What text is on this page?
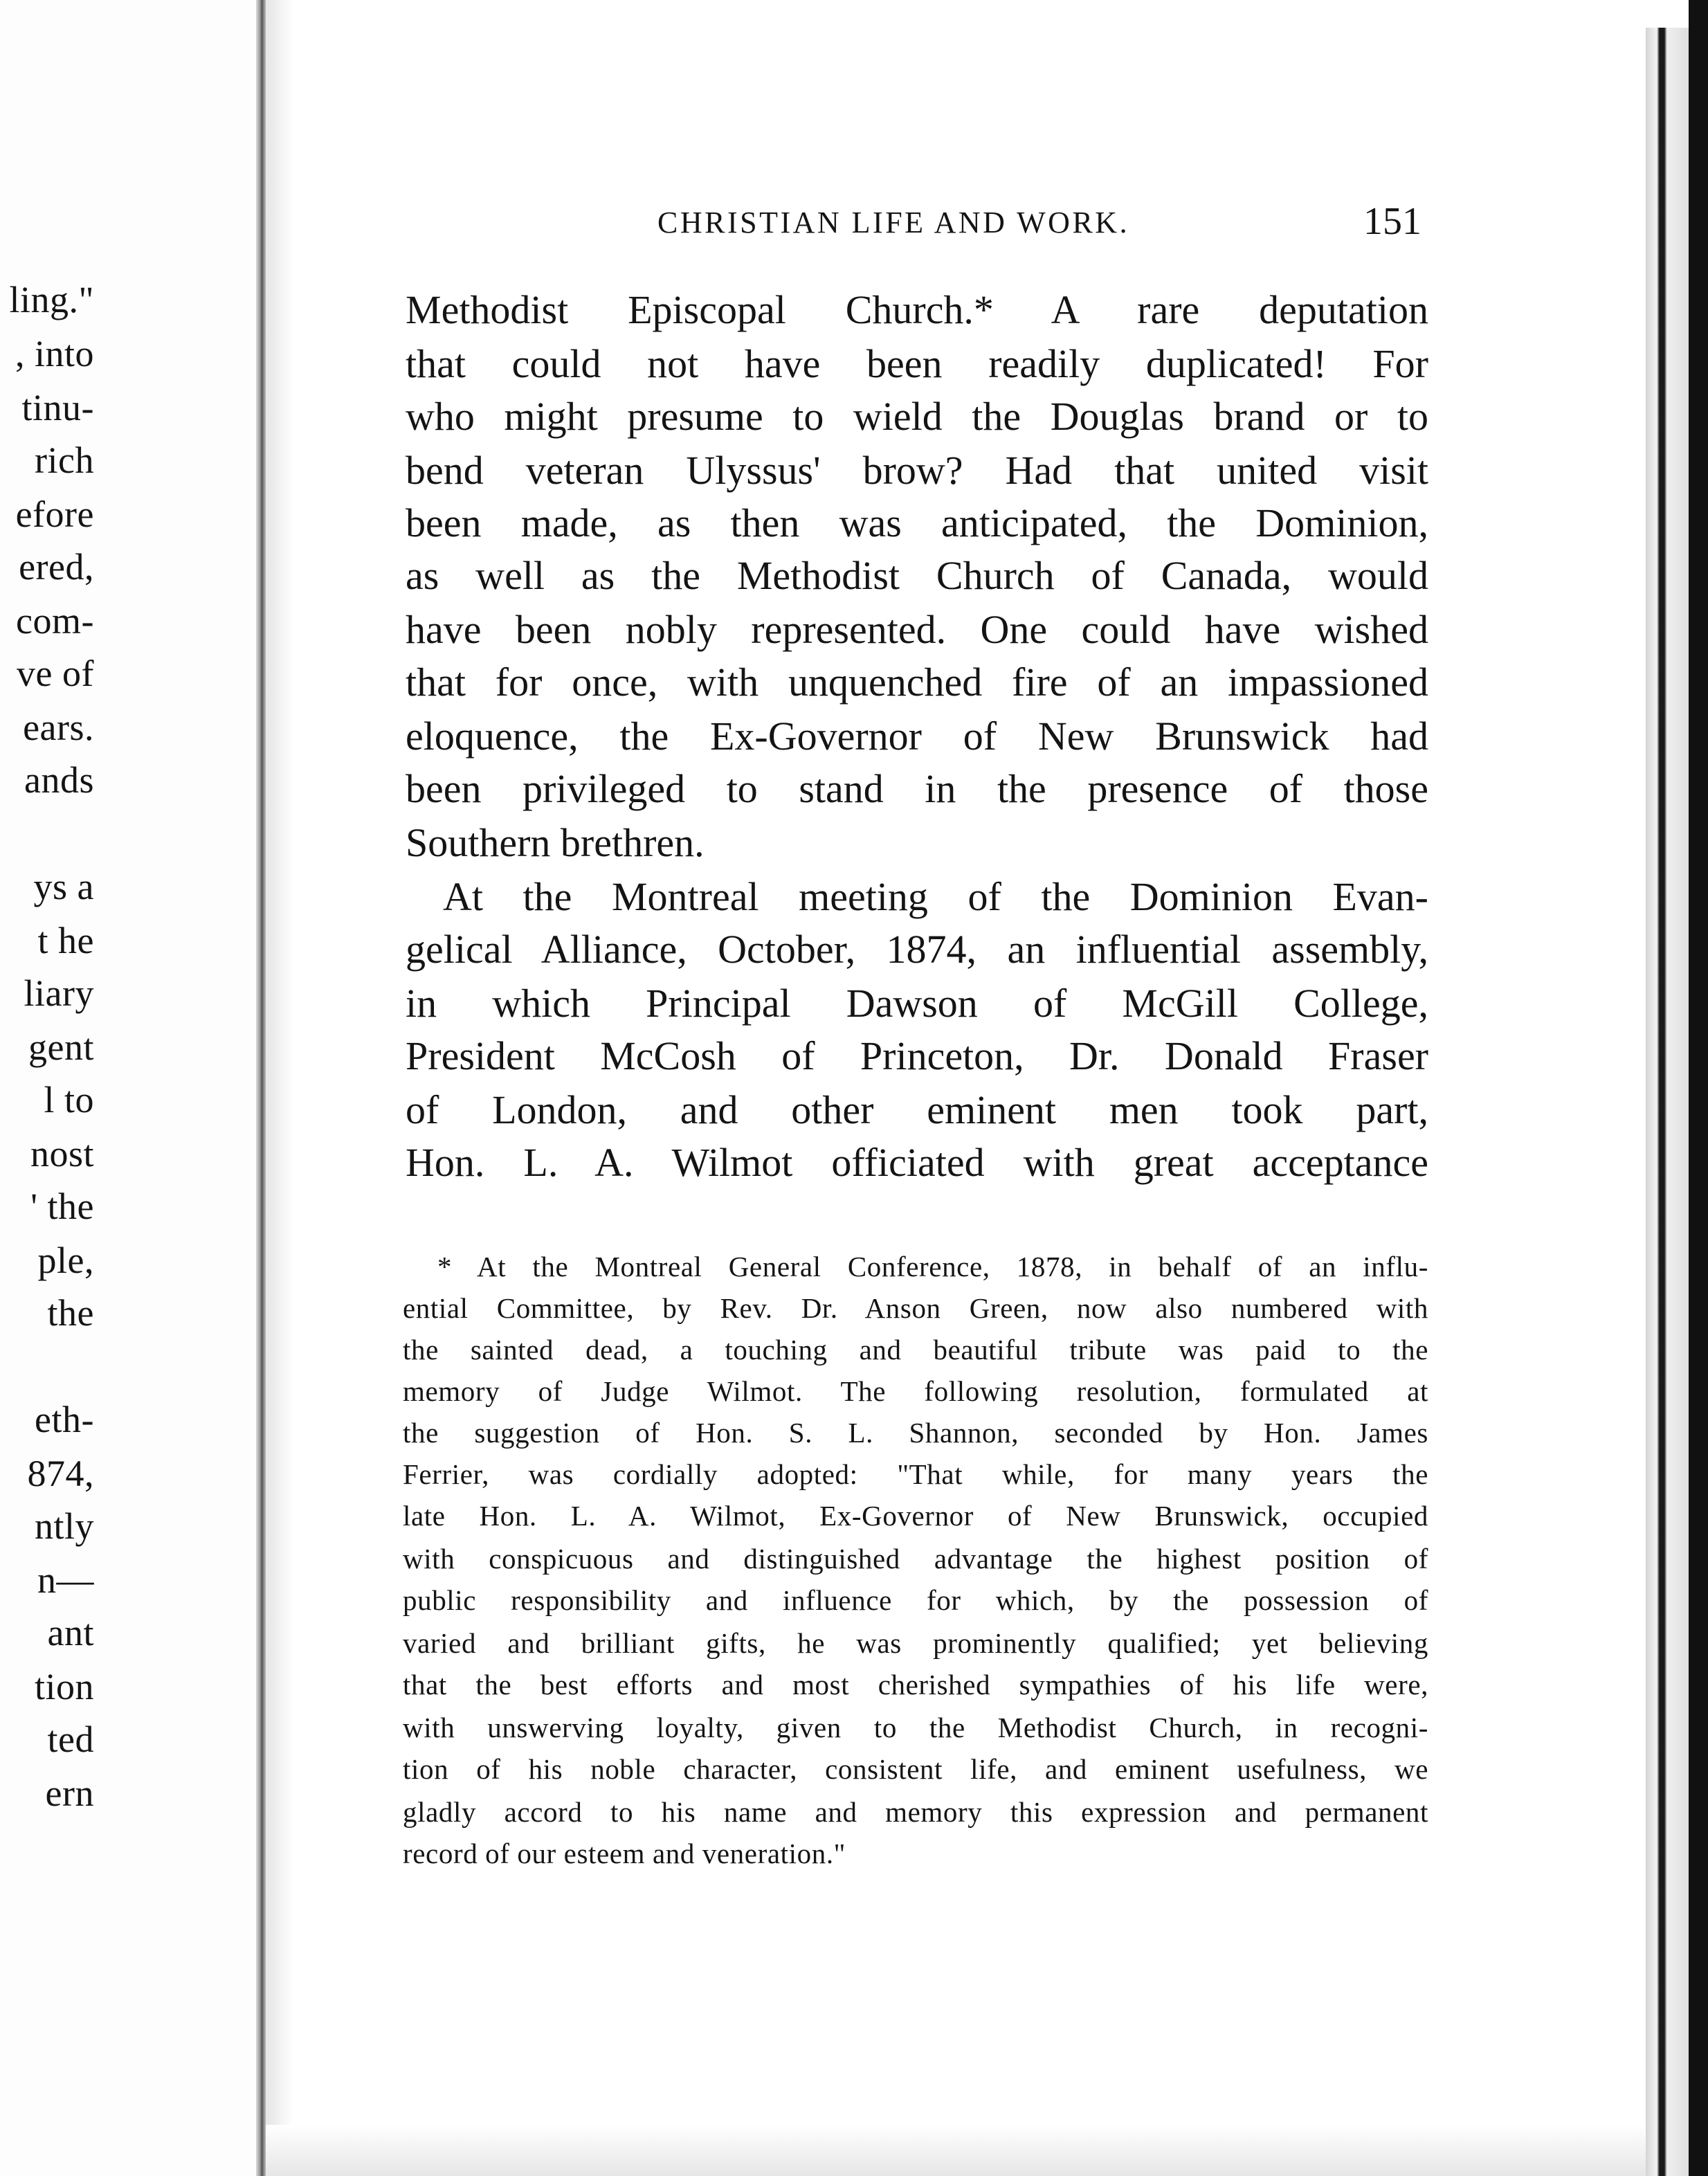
ling."
, into
tinu-
rich
efore
ered,
com-
ve of
ears.
ands
ys a
t he
liary
gent
l to
nost
' the
ple,
the
eth-
874,
ntly
n—
ant
tion
ted
ern
CHRISTIAN LIFE AND WORK.	151
Methodist Episcopal Church.* A rare deputation
that could not have been readily duplicated! For
who might presume to wield the Douglas brand or to
bend veteran Ulyssus' brow? Had that united visit
been made, as then was anticipated, the Dominion,
as well as the Methodist Church of Canada, would
have been nobly represented. One could have wished
that for once, with unquenched fire of an impassioned
eloquence, the Ex-Governor of New Brunswick had
been privileged to stand in the presence of those
Southern brethren.
At the Montreal meeting of the Dominion Evan-
gelical Alliance, October, 1874, an influential assembly,
in which Principal Dawson of McGill College,
President McCosh of Princeton, Dr. Donald Fraser
of London, and other eminent men took part,
Hon. L. A. Wilmot officiated with great acceptance
* At the Montreal General Conference, 1878, in behalf of an influ-
ential Committee, by Rev. Dr. Anson Green, now also numbered with
the sainted dead, a touching and beautiful tribute was paid to the
memory of Judge Wilmot. The following resolution, formulated at
the suggestion of Hon. S. L. Shannon, seconded by Hon. James
Ferrier, was cordially adopted: "That while, for many years the
late Hon. L. A. Wilmot, Ex-Governor of New Brunswick, occupied
with conspicuous and distinguished advantage the highest position of
public responsibility and influence for which, by the possession of
varied and brilliant gifts, he was prominently qualified; yet believing
that the best efforts and most cherished sympathies of his life were,
with unswerving loyalty, given to the Methodist Church, in recogni-
tion of his noble character, consistent life, and eminent usefulness, we
gladly accord to his name and memory this expression and permanent
record of our esteem and veneration."
